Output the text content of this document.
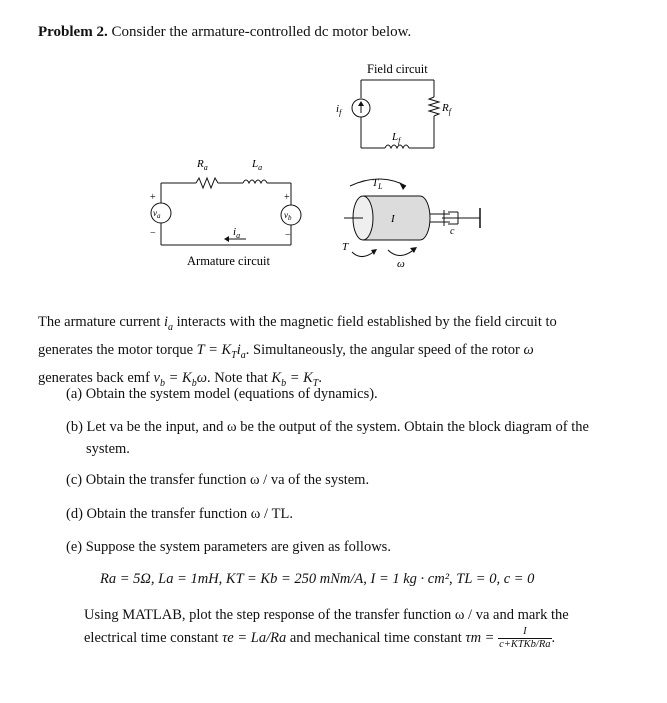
Problem 2. Consider the armature-controlled dc motor below.
Field circuit
$i_f$
$L_f$
$R_f$
$R_a$	$L_a$
$v_a$	$v_b$
+
−
+
−
$i_a$
Armature circuit
$T_L$
I
T
ω
c
The armature current $i_a$ interacts with the magnetic field established by the field circuit to
generates the motor torque $T = K_Ti_a$. Simultaneously, the angular speed of the rotor ω
generates back emf $v_b = K_b\omega$. Note that $K_b = K_T$.
(a) Obtain the system model (equations of dynamics).
(b) Let va be the input, and ω be the output of the system. Obtain the block diagram of the
system.
(c) Obtain the transfer function ω / va of the system.
(d) Obtain the transfer function ω / TL.
(e) Suppose the system parameters are given as follows.
Ra = 5Ω, La = 1mH, KT = Kb = 250 mNm/A, I = 1 kg · cm², TL = 0, c = 0
Using MATLAB, plot the step response of the transfer function ω / va and mark the
electrical time constant τe = La/Ra and mechanical time constant $\tau m = \frac{I}{\text{c+KTKb/Ra}}$ .
